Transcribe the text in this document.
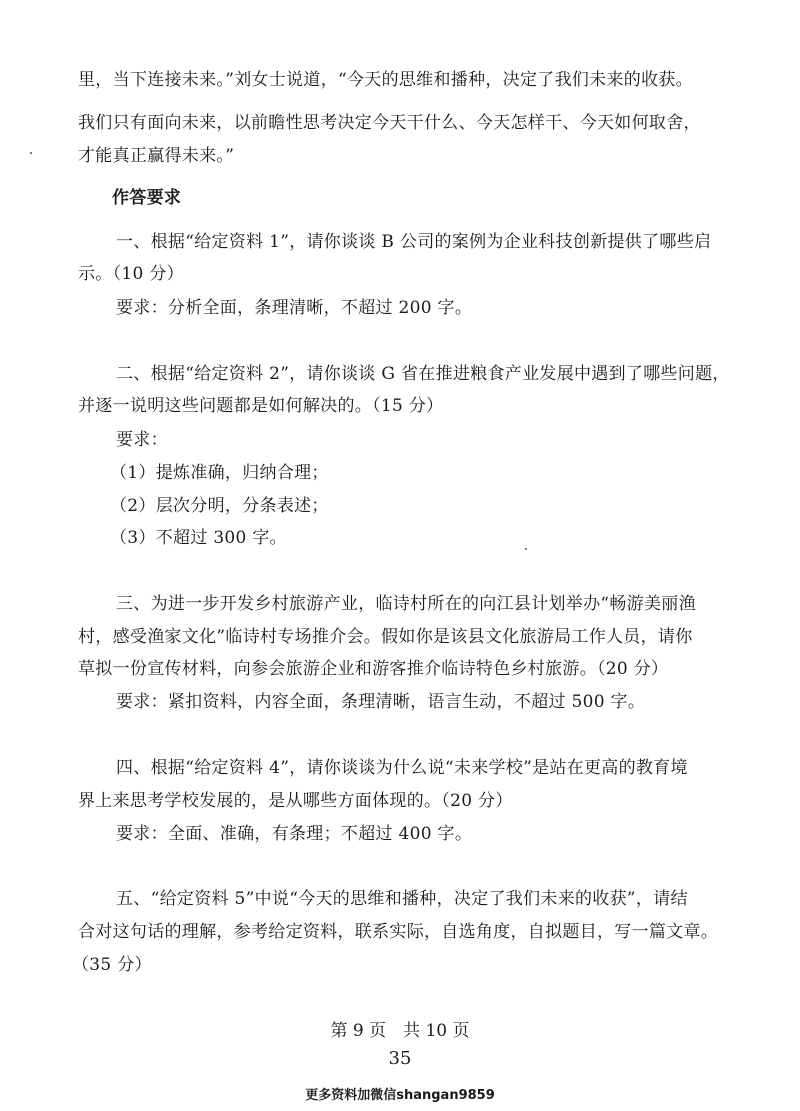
里，当下连接未来。”刘女士说道，“今天的思维和播种，决定了我们未来的收获。
我们只有面向未来，以前瞻性思考决定今天干什么、今天怎样干、今天如何取舍，
才能真正赢得未来。”
作答要求
一、根据“给定资料 1”，请你谈谈 B 公司的案例为企业科技创新提供了哪些启
示。（10 分）
要求：分析全面，条理清晰，不超过 200 字。
二、根据“给定资料 2”，请你谈谈 G 省在推进粮食产业发展中遇到了哪些问题，
并逐一说明这些问题都是如何解决的。（15 分）
要求：
（1）提炼准确，归纳合理；
（2）层次分明，分条表述；
（3）不超过 300 字。
三、为进一步开发乡村旅游产业，临诗村所在的向江县计划举办“畅游美丽渔
村，感受渔家文化”临诗村专场推介会。假如你是该县文化旅游局工作人员，请你
草拟一份宣传材料，向参会旅游企业和游客推介临诗特色乡村旅游。（20 分）
要求：紧扣资料，内容全面，条理清晰，语言生动，不超过 500 字。
四、根据“给定资料 4”，请你谈谈为什么说“未来学校”是站在更高的教育境
界上来思考学校发展的，是从哪些方面体现的。（20 分）
要求：全面、准确，有条理；不超过 400 字。
五、“给定资料 5”中说“今天的思维和播种，决定了我们未来的收获”，请结
合对这句话的理解，参考给定资料，联系实际，自选角度，自拟题目，写一篇文章。
（35 分）
第 9 页　共 10 页
35
更多资料加微信shangan9859
